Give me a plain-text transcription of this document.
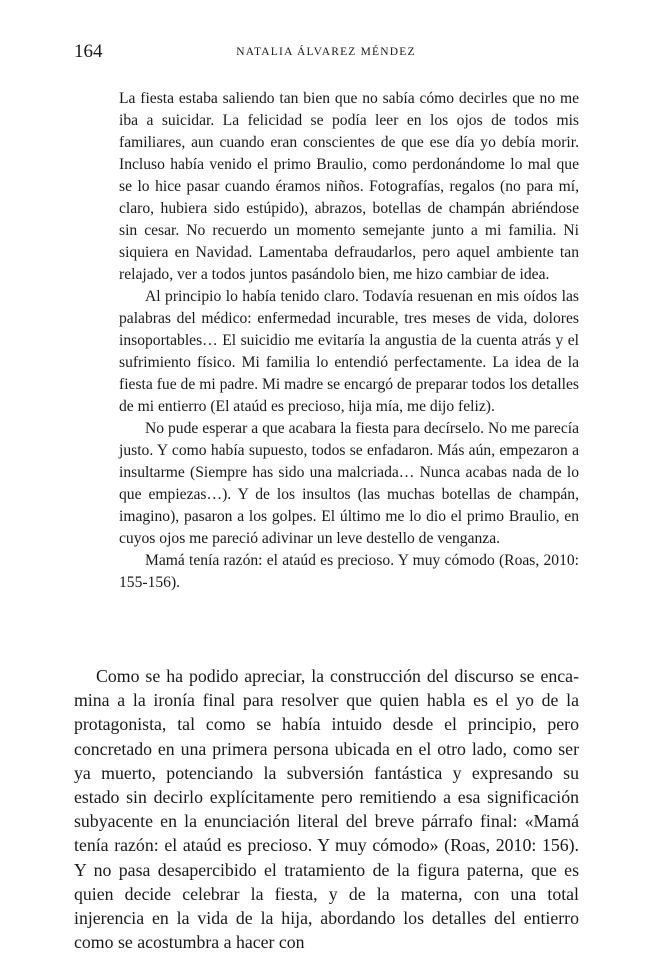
164	NATALIA ÁLVAREZ MÉNDEZ

La fiesta estaba saliendo tan bien que no sabía cómo decirles que no me iba a suicidar. La felicidad se podía leer en los ojos de todos mis familiares, aun cuando eran conscientes de que ese día yo debía morir. Incluso había venido el primo Braulio, como perdonándome lo mal que se lo hice pasar cuando éramos niños. Fotografías, regalos (no para mí, claro, hubiera sido estúpido), abrazos, botellas de champán abriéndose sin cesar. No recuerdo un momento semejante junto a mi familia. Ni siquiera en Navidad. Lamentaba defraudarlos, pero aquel ambiente tan relajado, ver a todos juntos pasándolo bien, me hizo cambiar de idea.

Al principio lo había tenido claro. Todavía resuenan en mis oídos las palabras del médico: enfermedad incurable, tres meses de vida, dolores insoportables… El suicidio me evitaría la angustia de la cuenta atrás y el sufrimiento físico. Mi familia lo entendió perfectamente. La idea de la fiesta fue de mi padre. Mi madre se encargó de preparar todos los detalles de mi entierro (El ataúd es precioso, hija mía, me dijo feliz).

No pude esperar a que acabara la fiesta para decírselo. No me parecía justo. Y como había supuesto, todos se enfadaron. Más aún, empezaron a insultarme (Siempre has sido una malcriada… Nunca acabas nada de lo que empiezas…). Y de los insultos (las muchas botellas de champán, imagino), pasaron a los golpes. El último me lo dio el primo Braulio, en cuyos ojos me pareció adivinar un leve destello de venganza.

Mamá tenía razón: el ataúd es precioso. Y muy cómodo (Roas, 2010: 155-156).

Como se ha podido apreciar, la construcción del discurso se encamina a la ironía final para resolver que quien habla es el yo de la protagonista, tal como se había intuido desde el principio, pero concretado en una primera persona ubicada en el otro lado, como ser ya muerto, potenciando la subversión fantástica y expresando su estado sin decirlo explícitamente pero remitiendo a esa significación subyacente en la enunciación literal del breve párrafo final: «Mamá tenía razón: el ataúd es precioso. Y muy cómodo» (Roas, 2010: 156). Y no pasa desapercibido el tratamiento de la figura paterna, que es quien decide celebrar la fiesta, y de la materna, con una total injerencia en la vida de la hija, abordando los detalles del entierro como se acostumbra a hacer con
